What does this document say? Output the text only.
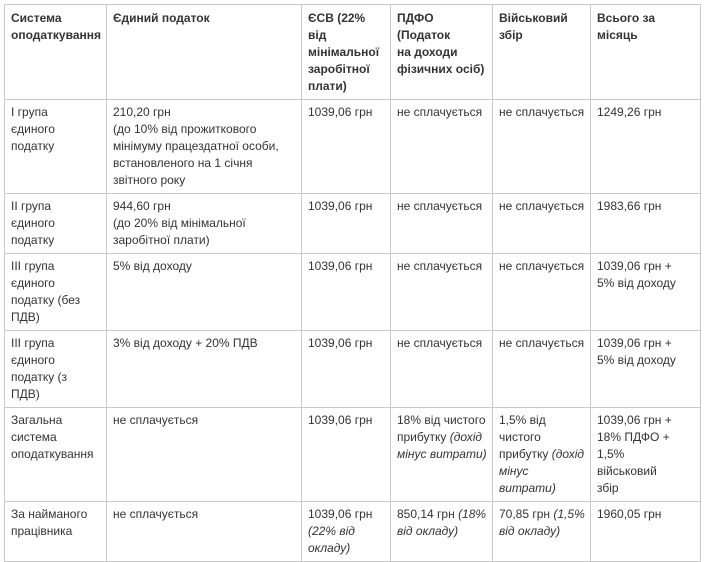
Система
оподаткування	Єдиний податок	ЄСВ (22% від
мінімальної
заробітної
плати)	ПДФО (Податок
на доходи
фізичних осіб)	Військовий
збір	Всього за
місяць

І група
єдиного
податку	210,20 грн
(до 10% від прожиткового
мінімуму працездатної особи,
встановленого на 1 січня
звітного року	1039,06 грн	не сплачується	не сплачується	1249,26 грн

ІІ група
єдиного
податку	944,60 грн
(до 20% від мінімальної
заробітної плати)	1039,06 грн	не сплачується	не сплачується	1983,66 грн

ІІІ група
єдиного
податку (без
ПДВ)	5% від доходу	1039,06 грн	не сплачується	не сплачується	1039,06 грн +
5% від доходу

ІІІ група
єдиного
податку (з
ПДВ)	3% від доходу + 20% ПДВ	1039,06 грн	не сплачується	не сплачується	1039,06 грн +
5% від доходу

Загальна
система
оподаткування	не сплачується	1039,06 грн	18% від чистого прибутку (дохід мінус витрати)	1,5% від чистого прибутку (дохід мінус витрати)	1039,06 грн +
18% ПДФО +
1,5%
військовий
збір

За найманого
працівника	не сплачується	1039,06 грн (22% від окладу)	850,14 грн (18% від окладу)	70,85 грн (1,5% від окладу)	1960,05 грн
